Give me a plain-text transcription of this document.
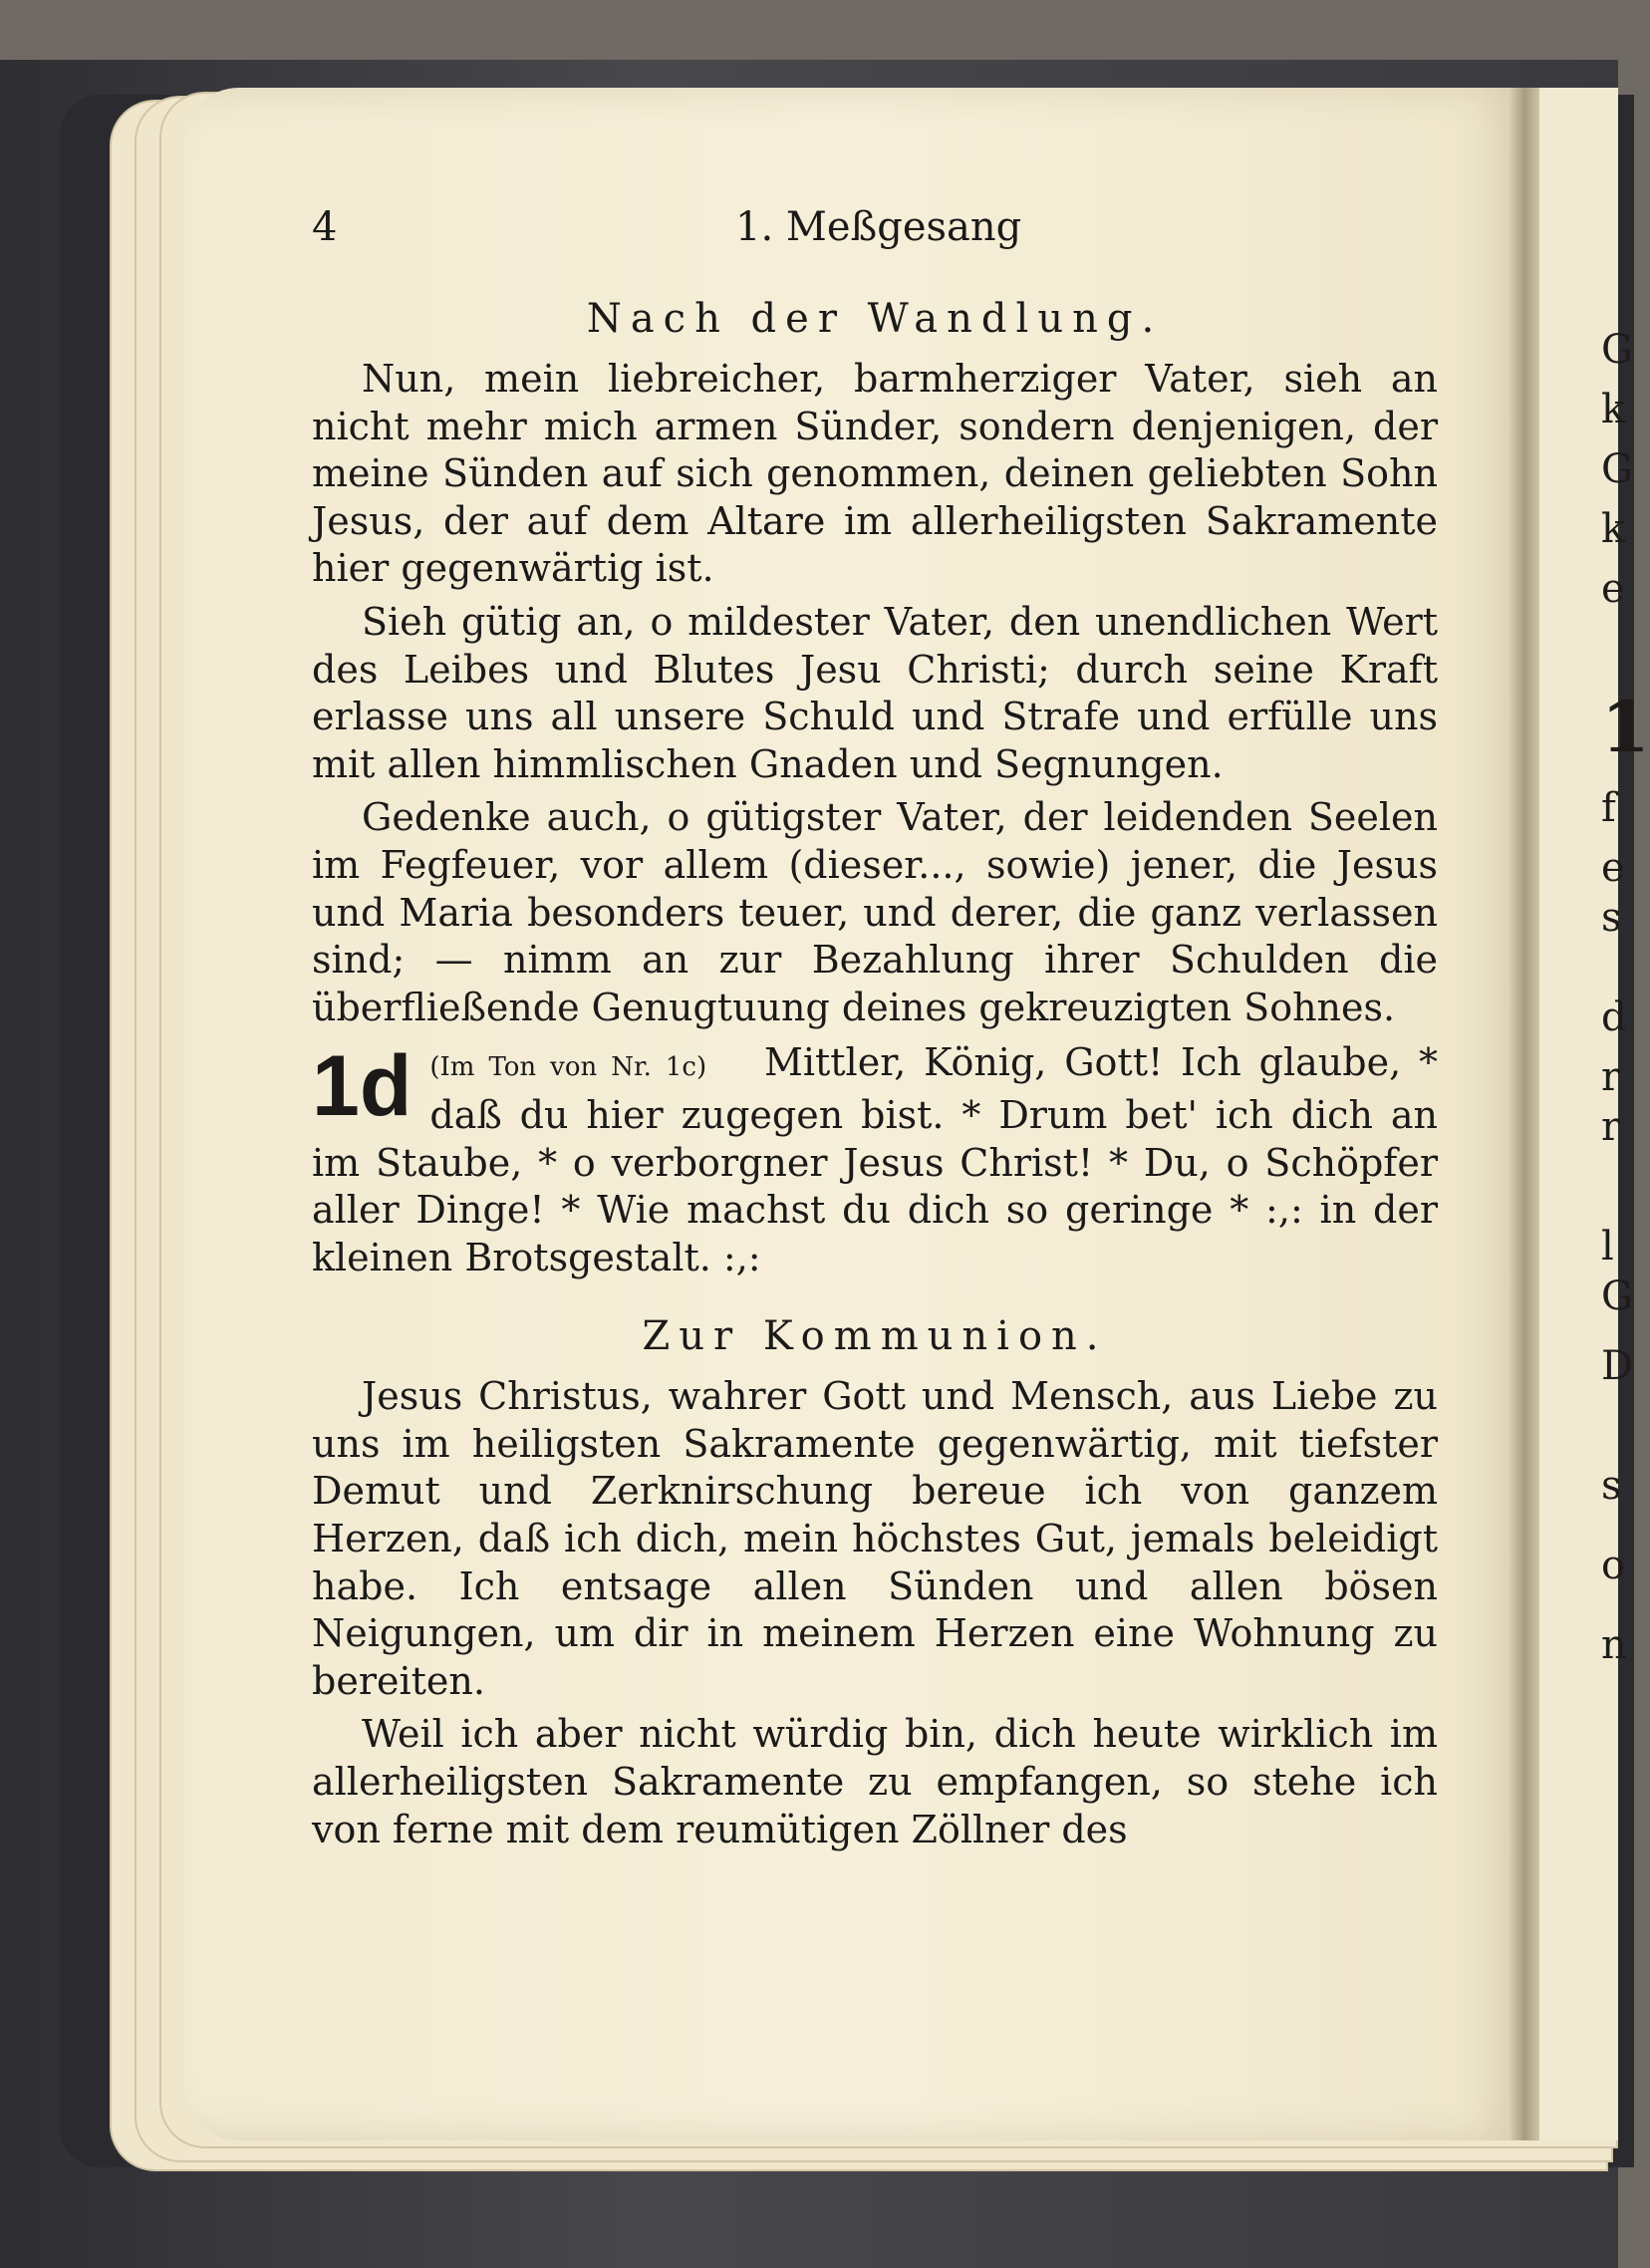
G
k
G
k
e
1
f
e
s
d
r
r
l
G
D
s
o
n
4	1. Meßgesang
Nach der Wandlung.

Nun, mein liebreicher, barmherziger Vater, sieh an nicht mehr mich armen Sünder, sondern denjenigen, der meine Sünden auf sich genommen, deinen geliebten Sohn Jesus, der auf dem Altare im allerheiligsten Sakramente hier gegenwärtig ist.

Sieh gütig an, o mildester Vater, den unendlichen Wert des Leibes und Blutes Jesu Christi; durch seine Kraft erlasse uns all unsere Schuld und Strafe und erfülle uns mit allen himmlischen Gnaden und Segnungen.

Gedenke auch, o gütigster Vater, der leidenden Seelen im Fegfeuer, vor allem (dieser..., sowie) jener, die Jesus und Maria besonders teuer, und derer, die ganz verlassen sind; — nimm an zur Bezahlung ihrer Schulden die überfließende Genugtuung deines gekreuzigten Sohnes.

1d (Im Ton von Nr. 1c) Mittler, König, Gott! Ich glaube, * daß du hier zugegen bist. * Drum bet' ich dich an im Staube, * o verborgner Jesus Christ! * Du, o Schöpfer aller Dinge! * Wie machst du dich so geringe * :,: in der kleinen Brotsgestalt. :,:
Zur Kommunion.

Jesus Christus, wahrer Gott und Mensch, aus Liebe zu uns im heiligsten Sakramente gegenwärtig, mit tiefster Demut und Zerknirschung bereue ich von ganzem Herzen, daß ich dich, mein höchstes Gut, jemals beleidigt habe. Ich entsage allen Sünden und allen bösen Neigungen, um dir in meinem Herzen eine Wohnung zu bereiten.

Weil ich aber nicht würdig bin, dich heute wirklich im allerheiligsten Sakramente zu empfangen, so stehe ich von ferne mit dem reumütigen Zöllner des
